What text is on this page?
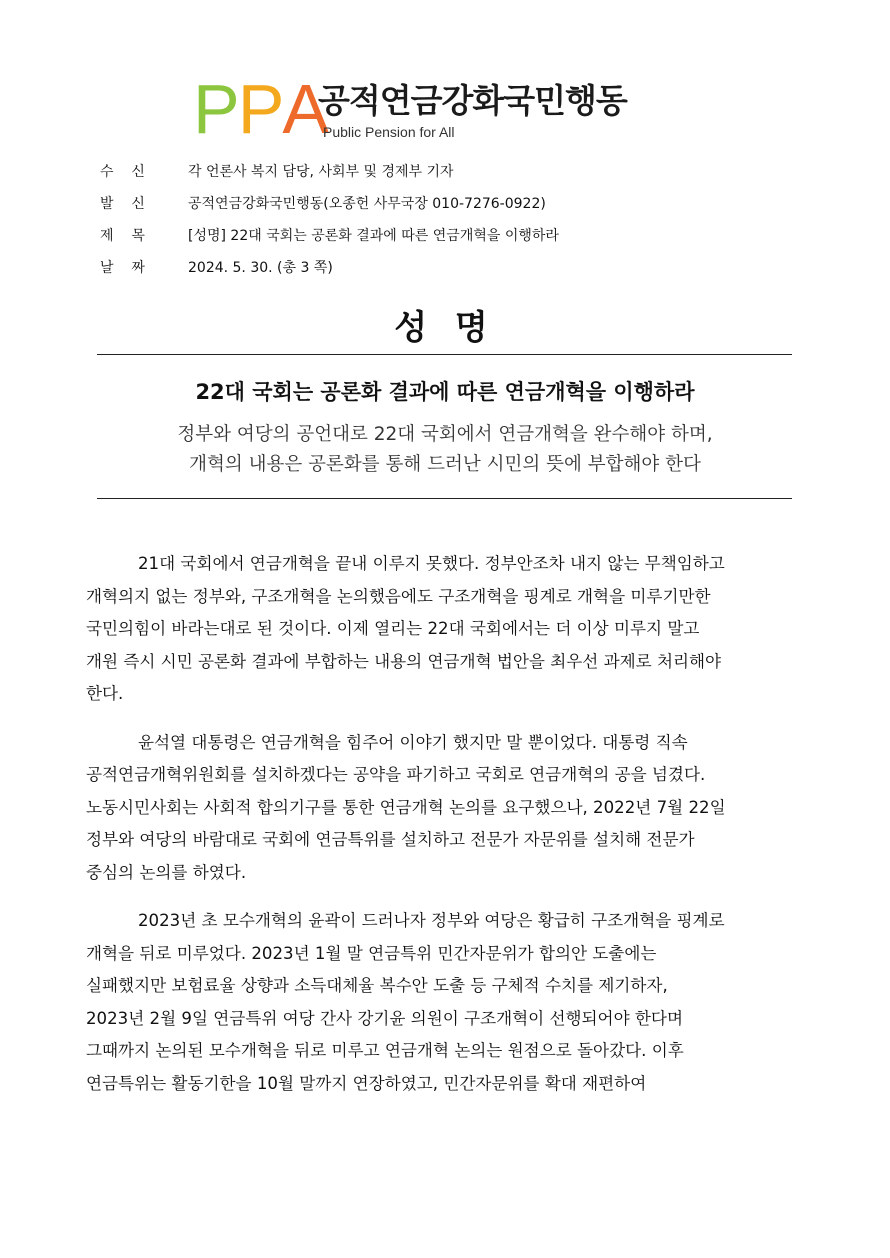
PPA
공적연금강화국민행동
Public Pension for All
수    신	각 언론사 복지 담당, 사회부 및 경제부 기자
발    신	공적연금강화국민행동(오종헌 사무국장 010-7276-0922)
제    목	[성명] 22대 국회는 공론화 결과에 따른 연금개혁을 이행하라
날    짜	2024. 5. 30. (총 3 쪽)
성 명
22대 국회는 공론화 결과에 따른 연금개혁을 이행하라
정부와 여당의 공언대로 22대 국회에서 연금개혁을 완수해야 하며,
개혁의 내용은 공론화를 통해 드러난 시민의 뜻에 부합해야 한다

21대 국회에서 연금개혁을 끝내 이루지 못했다. 정부안조차 내지 않는 무책임하고
개혁의지 없는 정부와, 구조개혁을 논의했음에도 구조개혁을 핑계로 개혁을 미루기만한
국민의힘이 바라는대로 된 것이다. 이제 열리는 22대 국회에서는 더 이상 미루지 말고
개원 즉시 시민 공론화 결과에 부합하는 내용의 연금개혁 법안을 최우선 과제로 처리해야
한다.

윤석열 대통령은 연금개혁을 힘주어 이야기 했지만 말 뿐이었다. 대통령 직속
공적연금개혁위원회를 설치하겠다는 공약을 파기하고 국회로 연금개혁의 공을 넘겼다.
노동시민사회는 사회적 합의기구를 통한 연금개혁 논의를 요구했으나, 2022년 7월 22일
정부와 여당의 바람대로 국회에 연금특위를 설치하고 전문가 자문위를 설치해 전문가
중심의 논의를 하였다.

2023년 초 모수개혁의 윤곽이 드러나자 정부와 여당은 황급히 구조개혁을 핑계로
개혁을 뒤로 미루었다. 2023년 1월 말 연금특위 민간자문위가 합의안 도출에는
실패했지만 보험료율 상향과 소득대체율 복수안 도출 등 구체적 수치를 제기하자,
2023년 2월 9일 연금특위 여당 간사 강기윤 의원이 구조개혁이 선행되어야 한다며
그때까지 논의된 모수개혁을 뒤로 미루고 연금개혁 논의는 원점으로 돌아갔다. 이후
연금특위는 활동기한을 10월 말까지 연장하였고, 민간자문위를 확대 재편하여
